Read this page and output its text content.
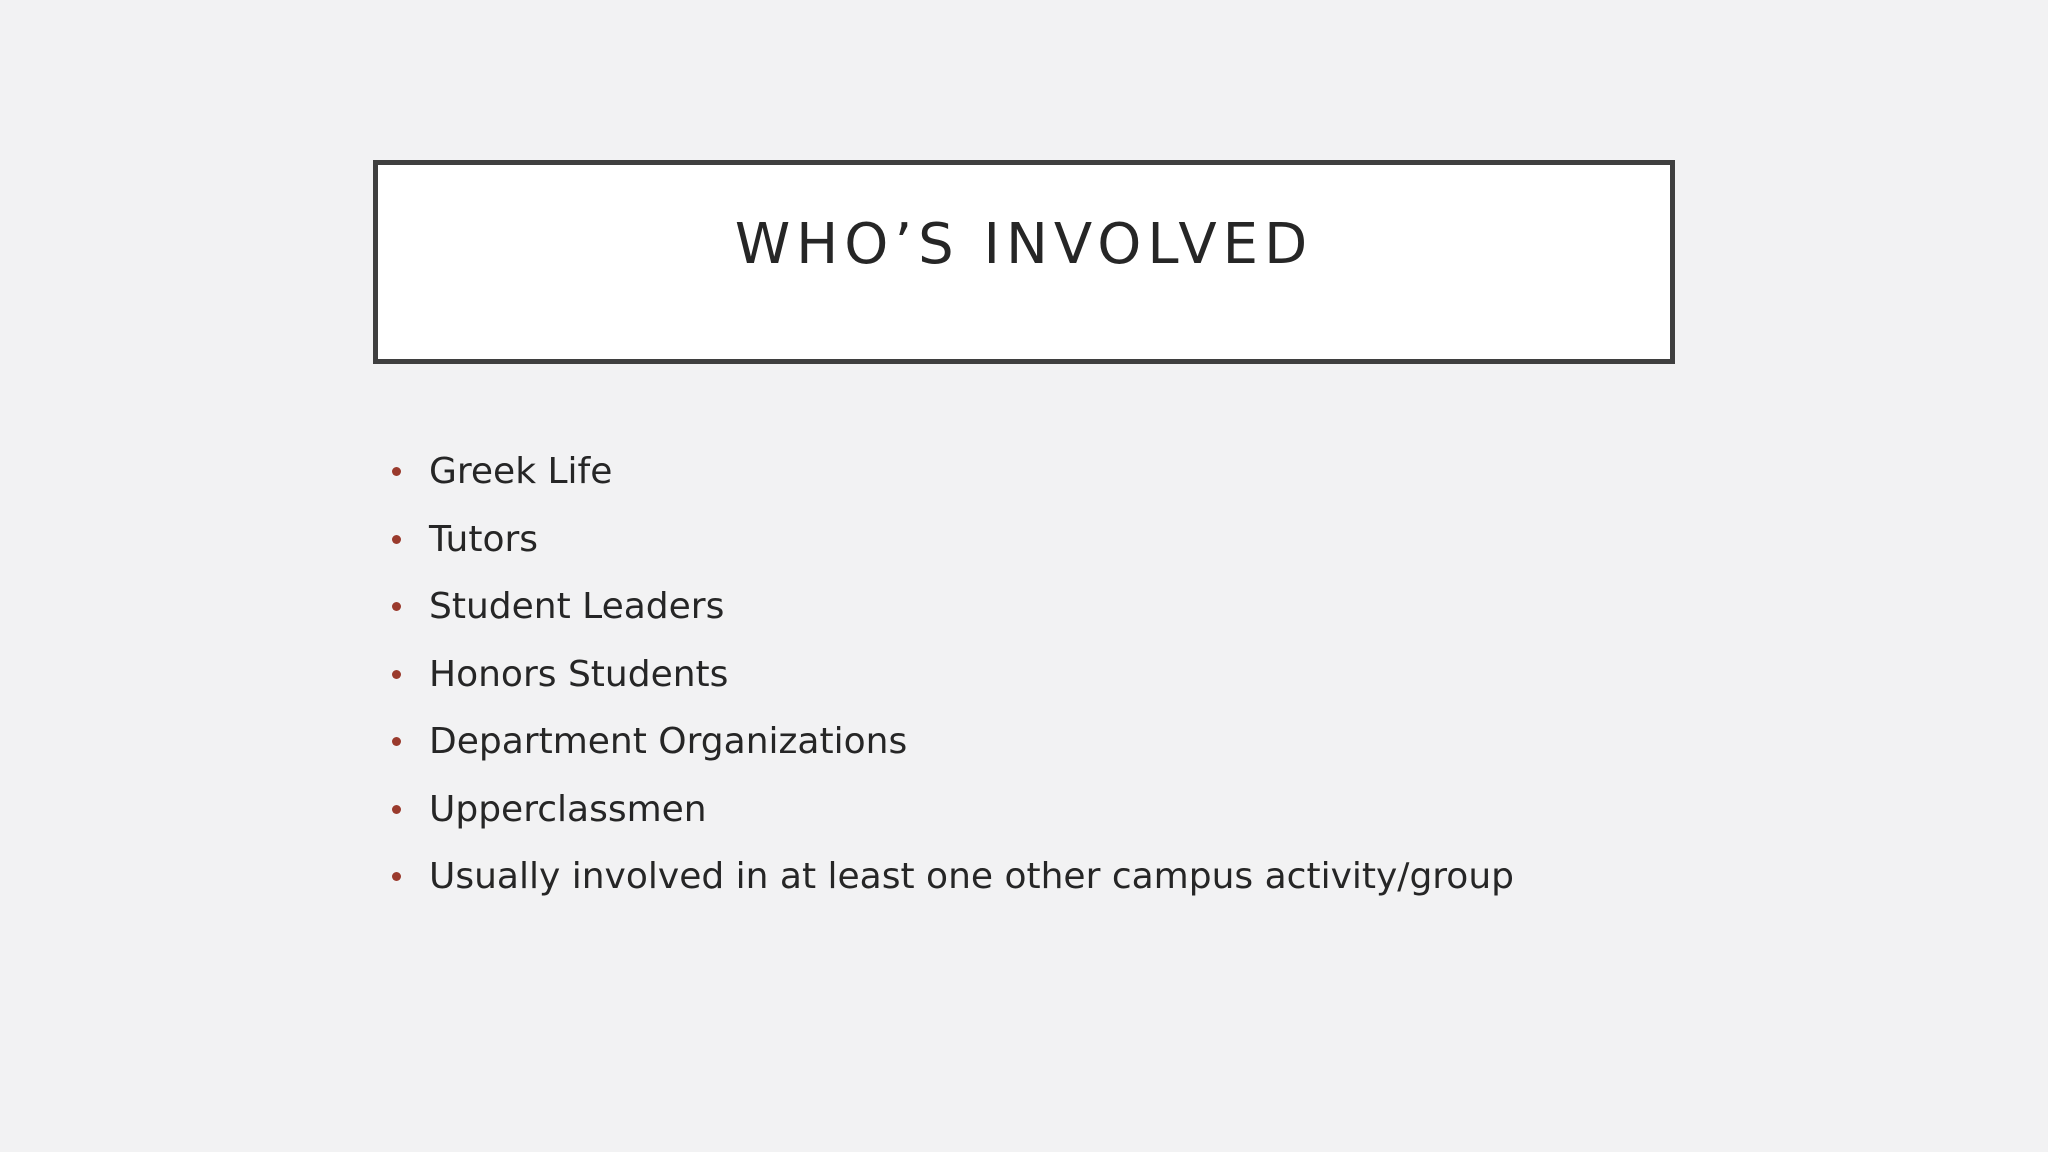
WHO’S INVOLVED
Greek Life
Tutors
Student Leaders
Honors Students
Department Organizations
Upperclassmen
Usually involved in at least one other campus activity/group
